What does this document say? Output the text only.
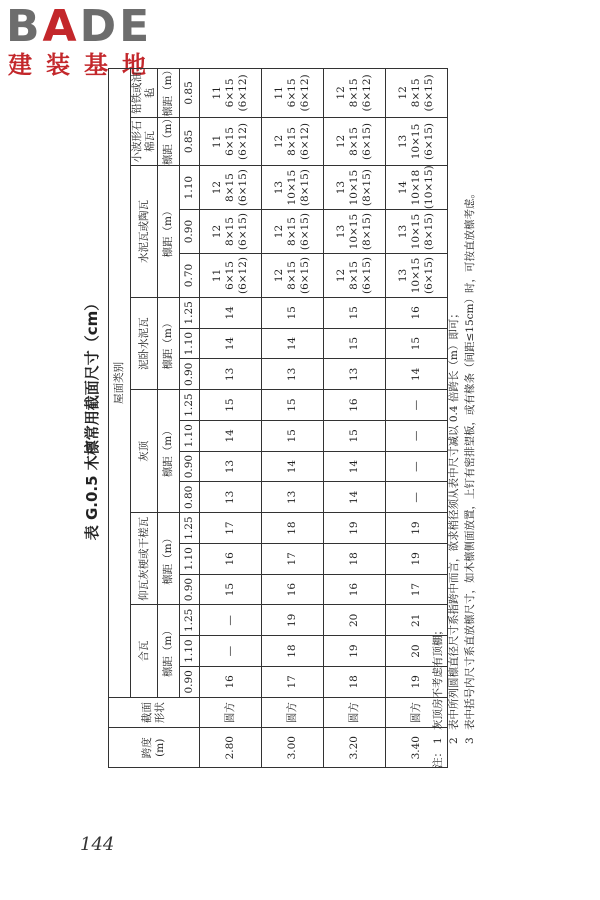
BADE
建装基地
表 G.0.5 木檩常用截面尺寸（cm）
跨度(m)	截面形状	屋面类别																	
		合瓦			仰瓦灰梗或干槎瓦			灰顶				泥卧水泥瓦			水泥瓦或陶瓦			小波形石棉瓦	铅铁或油毡
		檩距（m）			檩距（m）			檩距（m）				檩距（m）			檩距（m）			檩距（m）	檩距（m）
		0.90	1.10	1.25	0.90	1.10	1.25	0.80	0.90	1.10	1.25	0.90	1.10	1.25	0.70	0.90	1.10	0.85	0.85
2.80	圆方	16	—	—	15	16	17	13	13	14	15	13	14	14	11 6×15 (6×12)	12 8×15 (6×15)	12 8×15 (6×15)	11 6×15 (6×12)	11 6×15 (6×12)

3.00	圆方	17	18	19	16	17	18	13	14	15	15	13	14	15	12 8×15 (6×15)	12 8×15 (6×15)	13 10×15 (8×15)	12 8×15 (6×12)	11 6×15 (6×12)

3.20	圆方	18	19	20	16	18	19	14	14	15	16	13	15	15	12 8×15 (6×15)	13 10×15 (8×15)	13 10×15 (8×15)	12 8×15 (6×15)	12 8×15 (6×12)

3.40	圆方	19	20	21	17	19	19	—	—	—	—	14	15	16	13 10×15 (6×15)	13 10×15 (8×15)	14 10×18 (10×15)	13 10×15 (6×15)	12 8×15 (6×15)
注：
1
灰顶房不考虑有顶棚；
2
表中所列圆檩直径尺寸系指跨中而言，欲求梢径须从表中尺寸减以 0.4 倍跨长（m）即可；
3
表中括号内尺寸系直放檩尺寸，如木檩侧面放置，上钉有密排望板，或有椽条（间距≤15cm）时，可按直放檩考虑。
144
